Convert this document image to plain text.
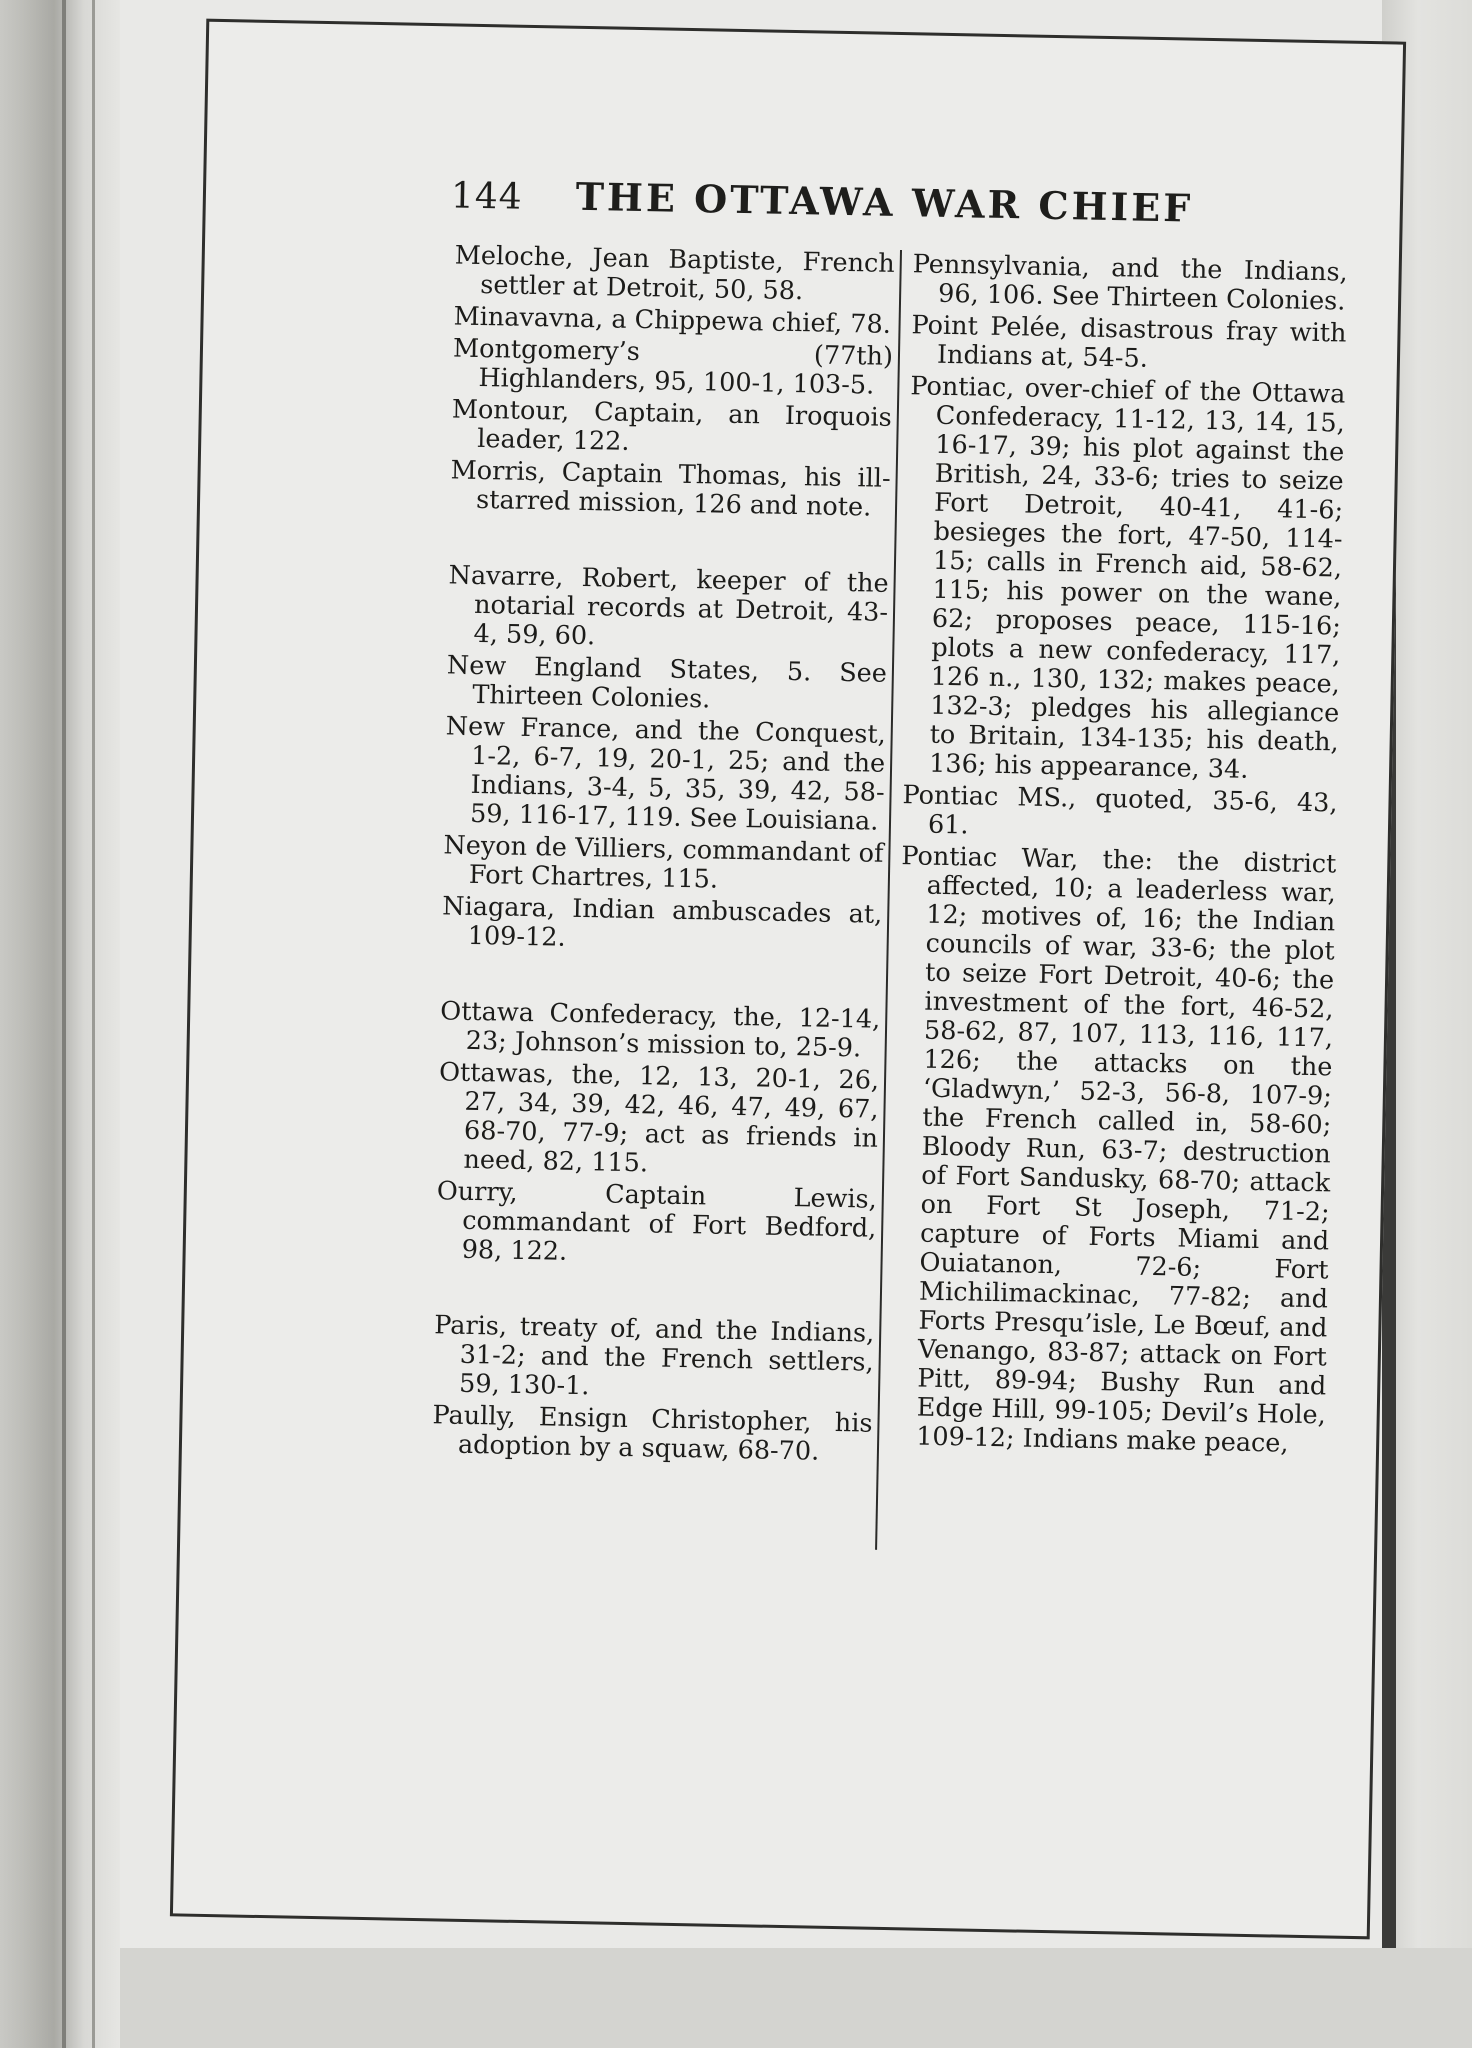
144 THE OTTAWA WAR CHIEF

Meloche, Jean Baptiste, French settler at Detroit, 50, 58.

Minavavna, a Chippewa chief, 78.

Montgomery’s (77th) Highlanders, 95, 100-1, 103-5.

Montour, Captain, an Iroquois leader, 122.

Morris, Captain Thomas, his ill-starred mission, 126 and note.

Navarre, Robert, keeper of the notarial records at Detroit, 43-4, 59, 60.

New England States, 5. See Thirteen Colonies.

New France, and the Conquest, 1-2, 6-7, 19, 20-1, 25; and the Indians, 3-4, 5, 35, 39, 42, 58-59, 116-17, 119. See Louisiana.

Neyon de Villiers, commandant of Fort Chartres, 115.

Niagara, Indian ambuscades at, 109-12.

Ottawa Confederacy, the, 12-14, 23; Johnson’s mission to, 25-9.

Ottawas, the, 12, 13, 20-1, 26, 27, 34, 39, 42, 46, 47, 49, 67, 68-70, 77-9; act as friends in need, 82, 115.

Ourry, Captain Lewis, commandant of Fort Bedford, 98, 122.

Paris, treaty of, and the Indians, 31-2; and the French settlers, 59, 130-1.

Paully, Ensign Christopher, his adoption by a squaw, 68-70.

Pennsylvania, and the Indians, 96, 106. See Thirteen Colonies.

Point Pelée, disastrous fray with Indians at, 54-5.

Pontiac, over-chief of the Ottawa Confederacy, 11-12, 13, 14, 15, 16-17, 39; his plot against the British, 24, 33-6; tries to seize Fort Detroit, 40-41, 41-6; besieges the fort, 47-50, 114-15; calls in French aid, 58-62, 115; his power on the wane, 62; proposes peace, 115-16; plots a new confederacy, 117, 126 n., 130, 132; makes peace, 132-3; pledges his allegiance to Britain, 134-135; his death, 136; his appearance, 34.

Pontiac MS., quoted, 35-6, 43, 61.

Pontiac War, the: the district affected, 10; a leaderless war, 12; motives of, 16; the Indian councils of war, 33-6; the plot to seize Fort Detroit, 40-6; the investment of the fort, 46-52, 58-62, 87, 107, 113, 116, 117, 126; the attacks on the ‘Gladwyn,’ 52-3, 56-8, 107-9; the French called in, 58-60; Bloody Run, 63-7; destruction of Fort Sandusky, 68-70; attack on Fort St Joseph, 71-2; capture of Forts Miami and Ouiatanon, 72-6; Fort Michilimackinac, 77-82; and Forts Presqu’isle, Le Bœuf, and Venango, 83-87; attack on Fort Pitt, 89-94; Bushy Run and Edge Hill, 99-105; Devil’s Hole, 109-12; Indians make peace,
